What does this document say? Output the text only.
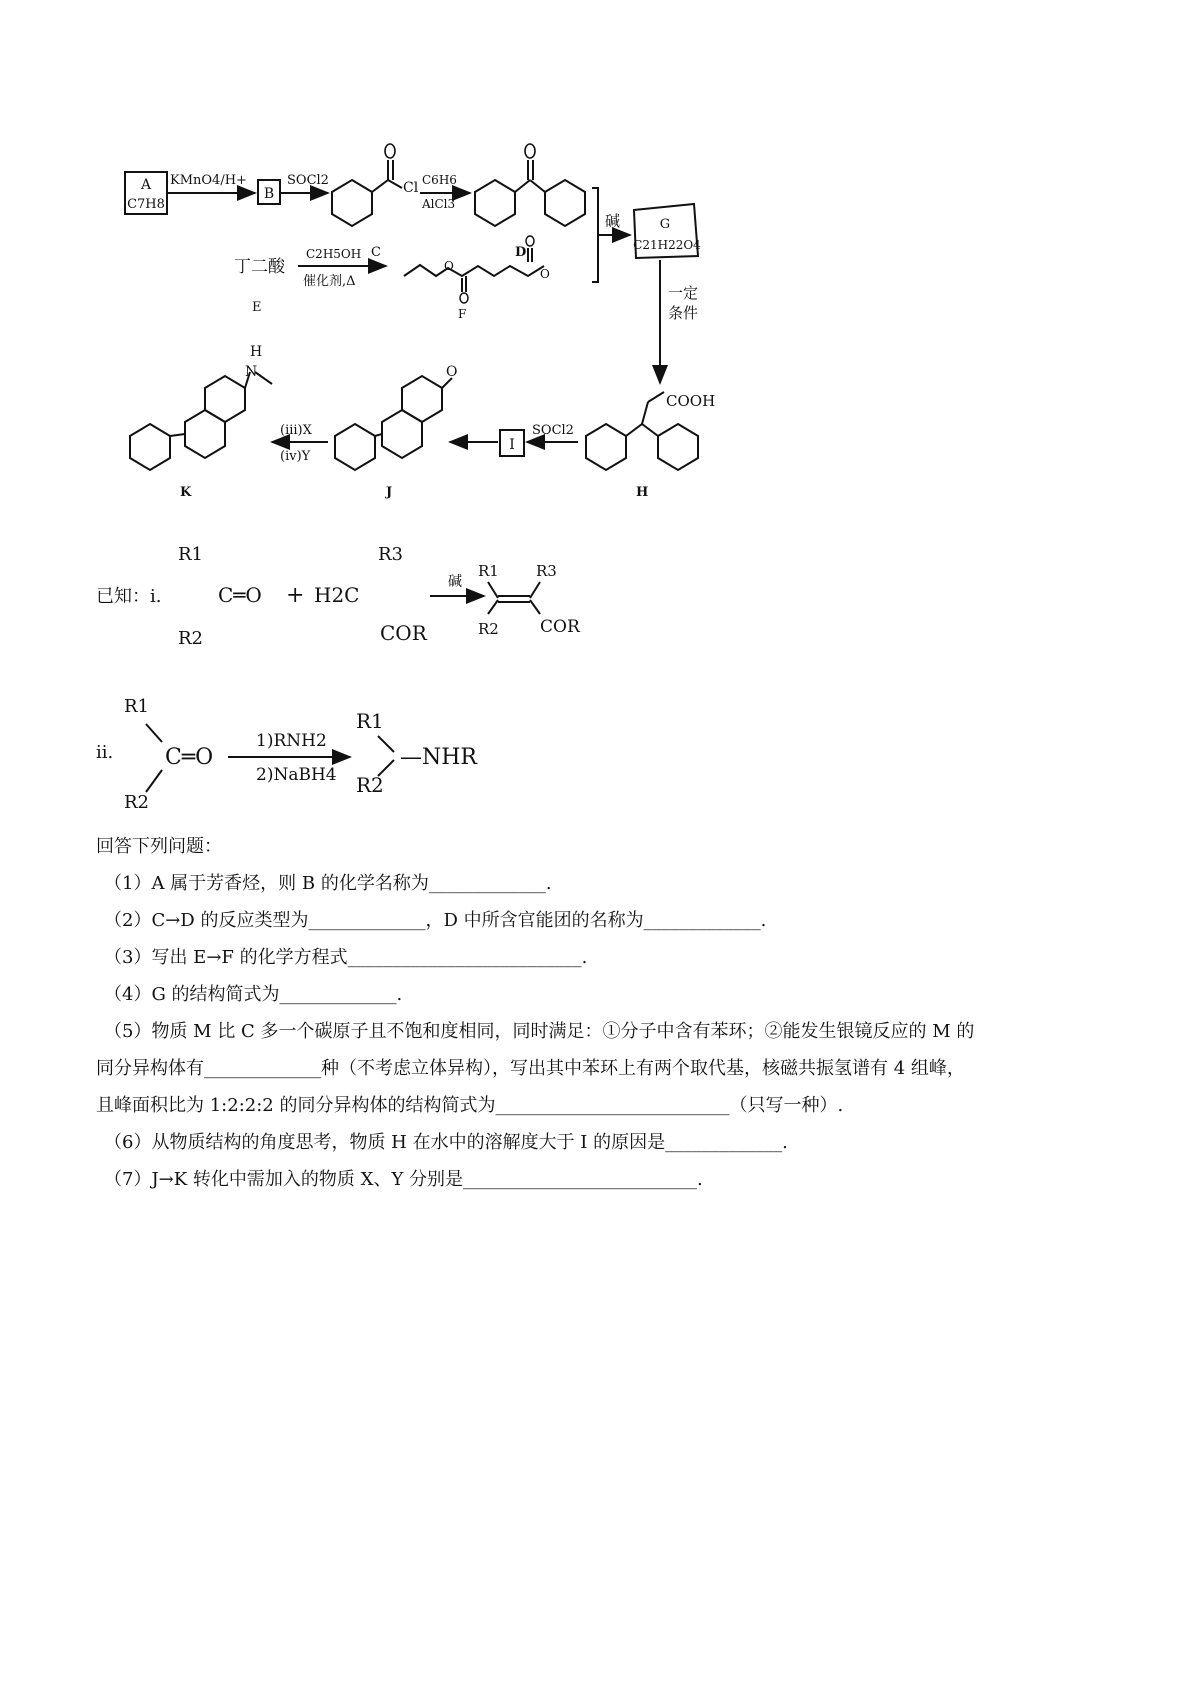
A
C7H8
KMnO4/H+
B
SOCl2	Cl
C
C6H6
AlCl3
D
碱	G
C21H22O4
一定
条件
丁二酸
E
C2H5OH
催化剂,Δ
O
O
F
COOH
H
SOCl2
I
O
J
(iii)X
(iv)Y
H
N
K
R1
R2
已知：i.	C═O + H2C
R3
COR
碱
R1
R2
R3
COR
ii.
R1
R2
C═O
1)RNH2
2)NaBH4
R1
R2
—NHR

回答下列问题：

（1）A 属于芳香烃，则 B 的化学名称为_____________.

（2）C→D 的反应类型为_____________，D 中所含官能团的名称为_____________.

（3）写出 E→F 的化学方程式__________________________.

（4）G 的结构简式为_____________.

（5）物质 M 比 C 多一个碳原子且不饱和度相同，同时满足：①分子中含有苯环；②能发生银镜反应的 M 的

同分异构体有_____________种（不考虑立体异构），写出其中苯环上有两个取代基，核磁共振氢谱有 4 组峰，

且峰面积比为 1:2:2:2 的同分异构体的结构简式为__________________________（只写一种）.

（6）从物质结构的角度思考，物质 H 在水中的溶解度大于 I 的原因是_____________.

（7）J→K 转化中需加入的物质 X、Y 分别是__________________________.
